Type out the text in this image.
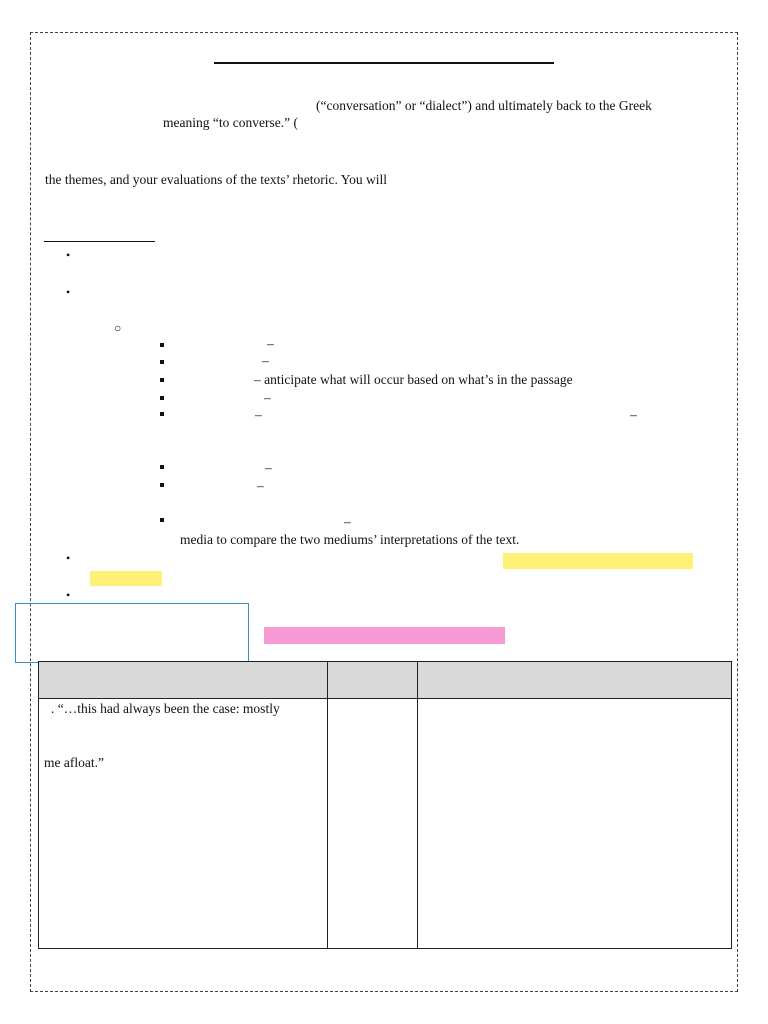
(“conversation” or “dialect”) and ultimately back to the Greek
meaning “to converse.” (
the themes, and your evaluations of the texts’ rhetoric. You will
•
•
○
–
–
– anticipate what will occur based on what’s in the passage
–
–	–
–
–
–
media to compare the two mediums’ interpretations of the text.
•
•

. “…this had always been the case: mostly
me afloat.”		
